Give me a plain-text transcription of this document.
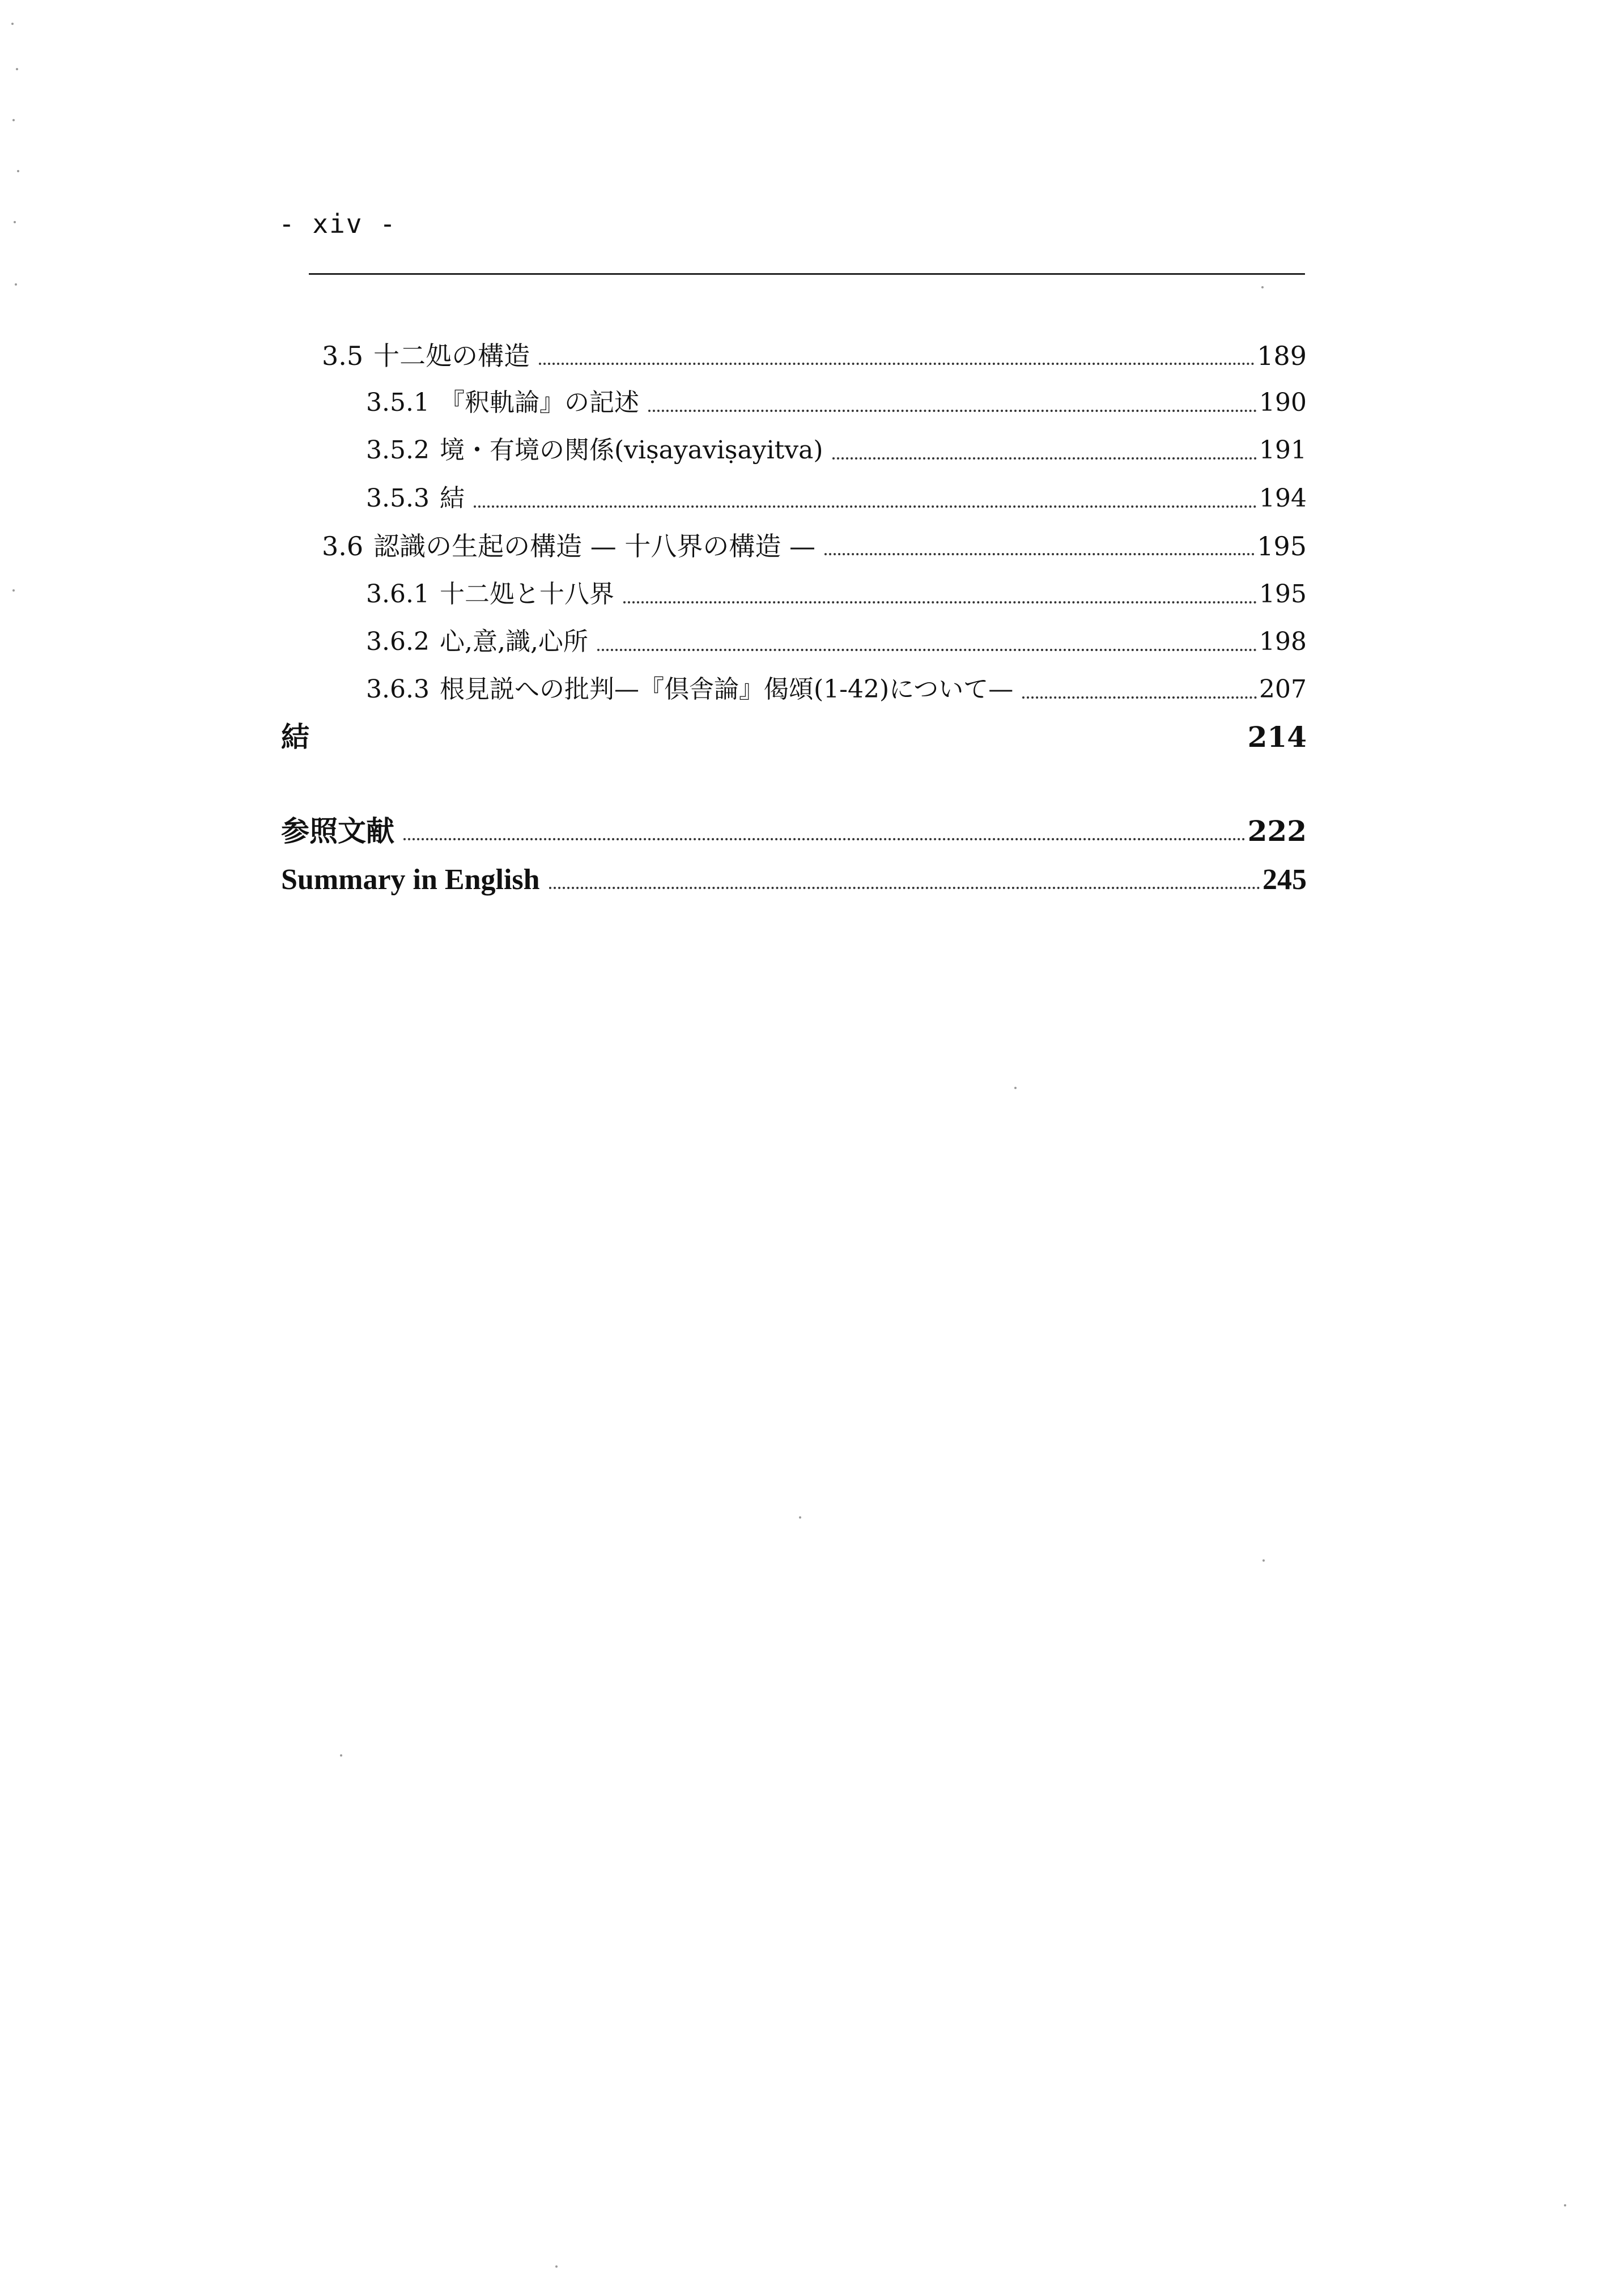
- xiv -
3.5 十二処の構造	189
3.5.1 『釈軌論』の記述	190
3.5.2 境・有境の関係(viṣayaviṣayitva)	191
3.5.3 結	194
3.6 認識の生起の構造 — 十八界の構造 —	195
3.6.1 十二処と十八界	195
3.6.2 心,意,識,心所	198
3.6.3 根見説への批判—『倶舎論』偈頌(1-42)について—	207
結	214
参照文献	222
Summary in English	245
